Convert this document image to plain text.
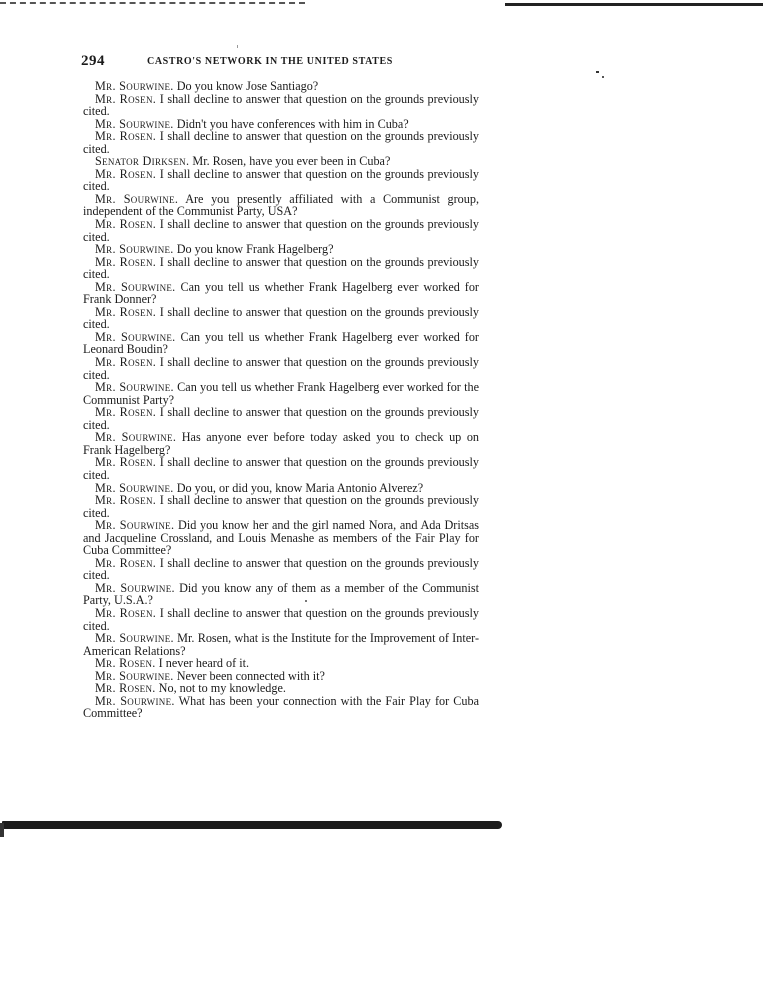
294	CASTRO'S NETWORK IN THE UNITED STATES

Mr. Sourwine. Do you know Jose Santiago?

Mr. Rosen. I shall decline to answer that question on the grounds previously cited.

Mr. Sourwine. Didn't you have conferences with him in Cuba?

Mr. Rosen. I shall decline to answer that question on the grounds previously cited.

Senator Dirksen. Mr. Rosen, have you ever been in Cuba?

Mr. Rosen. I shall decline to answer that question on the grounds previously cited.

Mr. Sourwine. Are you presently affiliated with a Communist group, independent of the Communist Party, USA?

Mr. Rosen. I shall decline to answer that question on the grounds previously cited.

Mr. Sourwine. Do you know Frank Hagelberg?

Mr. Rosen. I shall decline to answer that question on the grounds previously cited.

Mr. Sourwine. Can you tell us whether Frank Hagelberg ever worked for Frank Donner?

Mr. Rosen. I shall decline to answer that question on the grounds previously cited.

Mr. Sourwine. Can you tell us whether Frank Hagelberg ever worked for Leonard Boudin?

Mr. Rosen. I shall decline to answer that question on the grounds previously cited.

Mr. Sourwine. Can you tell us whether Frank Hagelberg ever worked for the Communist Party?

Mr. Rosen. I shall decline to answer that question on the grounds previously cited.

Mr. Sourwine. Has anyone ever before today asked you to check up on Frank Hagelberg?

Mr. Rosen. I shall decline to answer that question on the grounds previously cited.

Mr. Sourwine. Do you, or did you, know Maria Antonio Alverez?

Mr. Rosen. I shall decline to answer that question on the grounds previously cited.

Mr. Sourwine. Did you know her and the girl named Nora, and Ada Dritsas and Jacqueline Crossland, and Louis Menashe as members of the Fair Play for Cuba Committee?

Mr. Rosen. I shall decline to answer that question on the grounds previously cited.

Mr. Sourwine. Did you know any of them as a member of the Communist Party, U.S.A.?

Mr. Rosen. I shall decline to answer that question on the grounds previously cited.

Mr. Sourwine. Mr. Rosen, what is the Institute for the Improvement of Inter-American Relations?

Mr. Rosen. I never heard of it.

Mr. Sourwine. Never been connected with it?

Mr. Rosen. No, not to my knowledge.

Mr. Sourwine. What has been your connection with the Fair Play for Cuba Committee?
